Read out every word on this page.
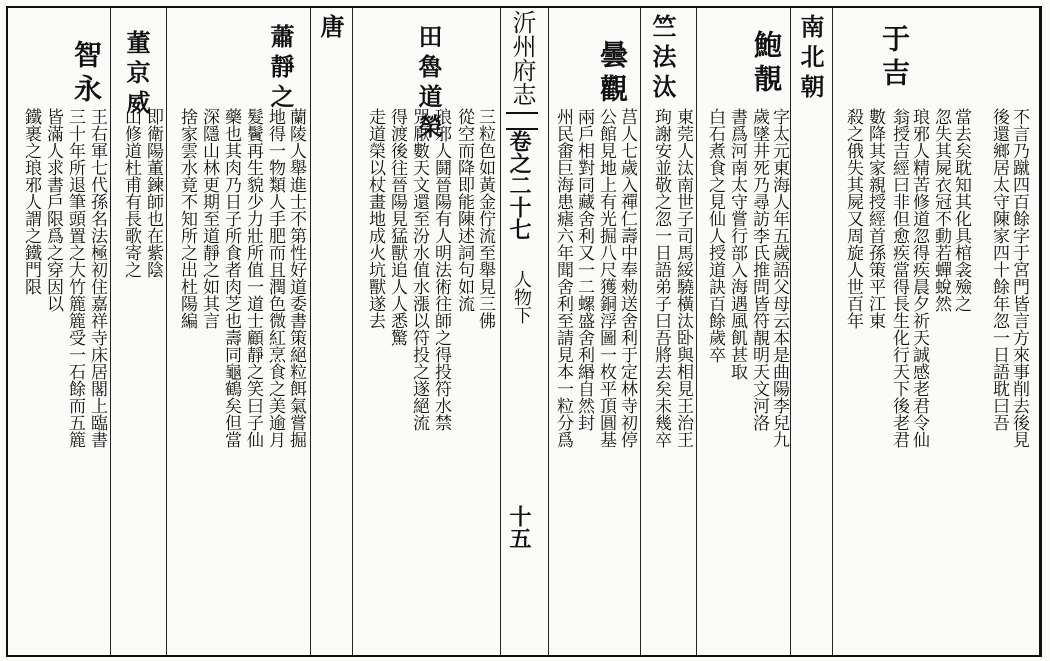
不言乃蹴四百餘字于宮門皆言方來事削去後見
後還鄉居太守陳家四十餘年忽一日語耽曰吾
當去矣耽知其化具棺衾殮之
忽失其屍衣冠不動若蟬蛻然
琅邪人精苦修道忽得疾晨夕祈天誠感老君令仙
翁授吉經曰非但愈疾當得長生化行天下後老君
數降其家親授經首孫策平江東
殺之俄失其屍又周旋人世百年
于吉
南北朝
鮑靚
字太元東海人年五歲語父母云本是曲陽李兒九
歲墜井死乃尋訪李氏推問皆符靚明天文河洛
書爲河南太守嘗行部入海遇風飢甚取
白石煮食之見仙人授道訣百餘歲卒
竺法汰
東莞人汰南世子司馬綏驍橫汰卧與相見王治王
珣謝安並敬之忽一日語弟子曰吾將去矣未幾卒
曇觀
莒人七歲入禪仁壽中奉勑送舍利于定林寺初停
公館見地上有光掘八尺獲銅浮圖一枚平頂圓基
兩戶相對同藏舍利又一二螺盛舍利緡自然封
州民畬巨海患瘧六年聞舍利至請見本一粒分爲
沂州府志
卷之二十七
人物下
十五
三粒色如黃金佇流至舉見三佛
從空而降即能陳述詞句如流
田魯道榮
琅邪人鬪晉陽有人明法術往師之得投符水禁
咒厭數天文還至汾水值水漲以符投之遂絕流
得渡後往晉陽見猛獸追人人悉驚
走道榮以杖畫地成火坑獸遂去
唐
蕭靜之
蘭陵人舉進士不第性好道委書策絕粒餌氣嘗掘
地得一物類人手肥而且潤色微紅烹食之美逾月
髮鬢再生貌少力壯所值一道士顧靜之笑曰子仙
藥也其肉乃日子所食者肉芝也壽同龜鶴矣但當
深隱山林更期至道靜之如其言
捨家雲水竟不知所之出杜陽編
董京威
即衛陽董鍊師也在紫陰
山修道杜甫有長歌寄之
智永
王右軍七代孫名法極初住嘉祥寺床居閣上臨書
三十年所退筆頭置之大竹簏簏受一石餘而五簏
皆滿人求書戶限爲之穿因以
鐵裹之琅邪人謂之鐵門限
